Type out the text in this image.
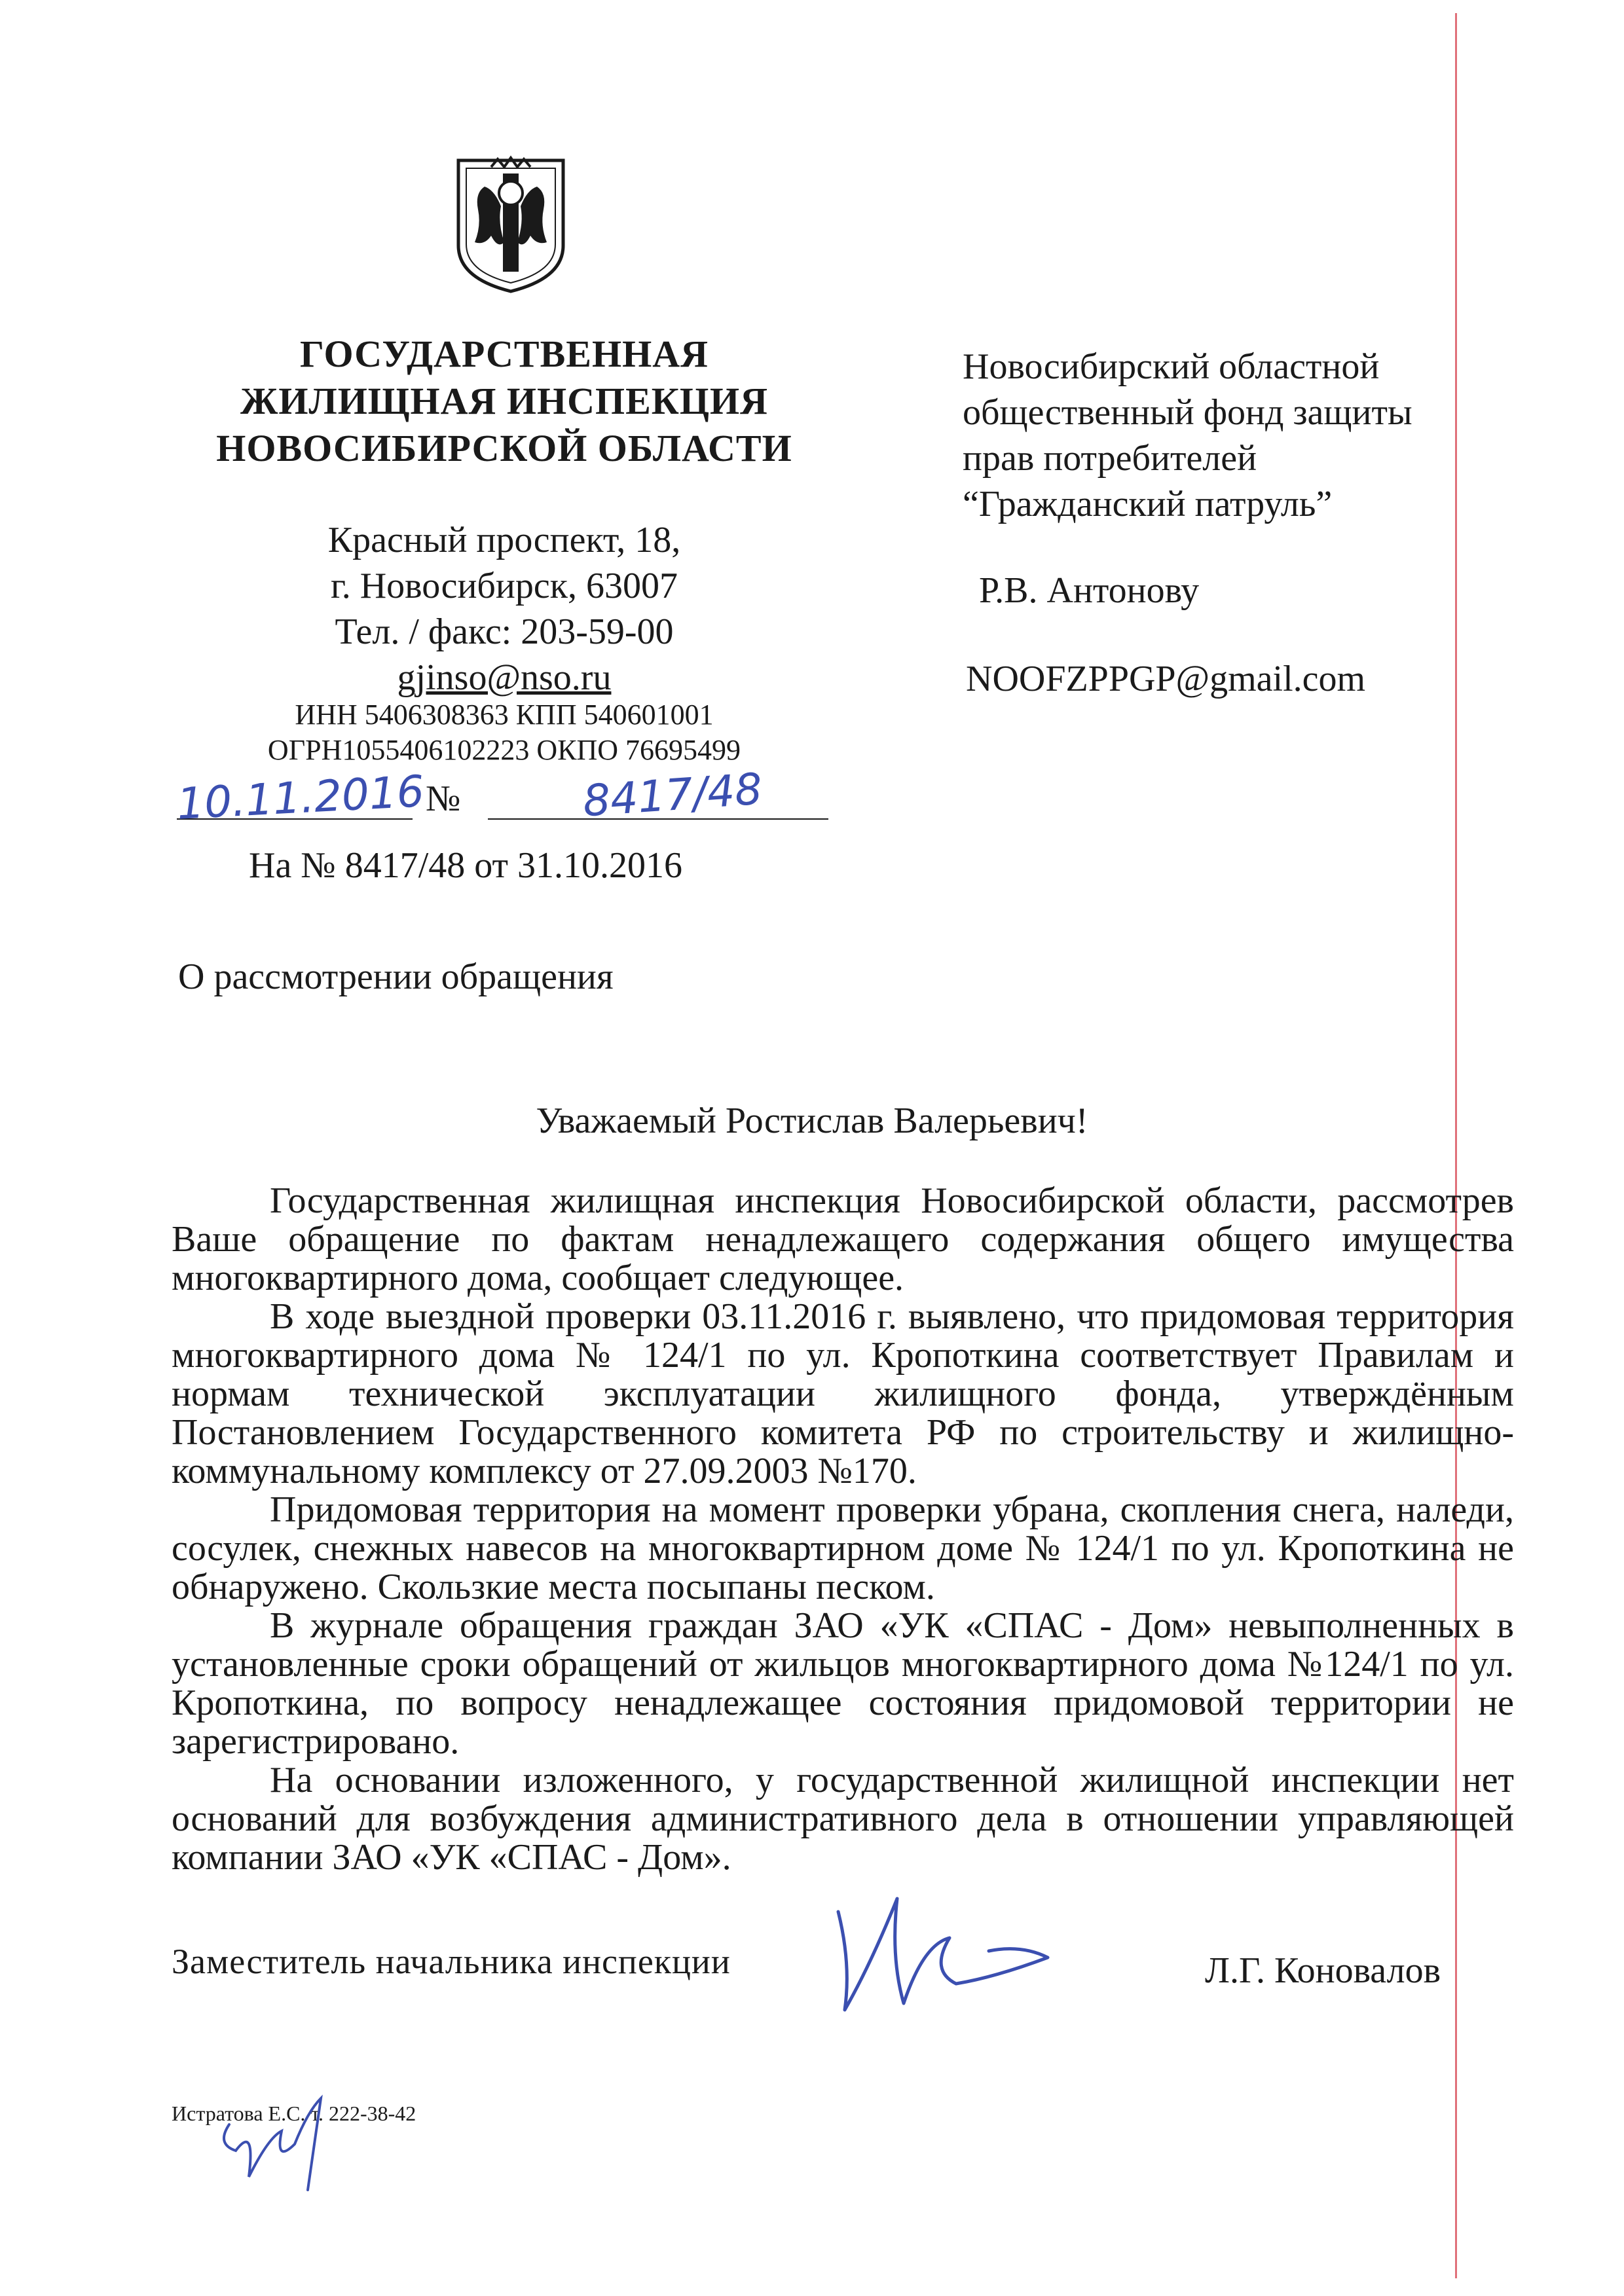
ГОСУДАРСТВЕННАЯ
ЖИЛИЩНАЯ ИНСПЕКЦИЯ
НОВОСИБИРСКОЙ ОБЛАСТИ
Красный проспект, 18,
г. Новосибирск, 63007
Тел. / факс: 203-59-00
gjinso@nso.ru
ИНН 5406308363 КПП 540601001
ОГРН1055406102223 ОКПО 76695499
10.11.2016 №	8417/48
На № 8417/48 от 31.10.2016
Новосибирский областной
общественный фонд защиты
прав потребителей
“Гражданский патруль”
Р.В. Антонову
NOOFZPPGP@gmail.com
О рассмотрении обращения
Уважаемый Ростислав Валерьевич!

Государственная жилищная инспекция Новосибирской области, рассмотрев Ваше обращение по фактам ненадлежащего содержания общего имущества многоквартирного дома, сообщает следующее.

В ходе выездной проверки 03.11.2016 г. выявлено, что придомовая территория многоквартирного дома № 124/1 по ул. Кропоткина соответствует Правилам и нормам технической эксплуатации жилищного фонда, утверждённым Постановлением Государственного комитета РФ по строительству и жилищно-коммунальному комплексу от 27.09.2003 №170.

Придомовая территория на момент проверки убрана, скопления снега, наледи, сосулек, снежных навесов на многоквартирном доме № 124/1 по ул. Кропоткина не обнаружено. Скользкие места посыпаны песком.

В журнале обращения граждан ЗАО «УК «СПАС - Дом» невыполненных в установленные сроки обращений от жильцов многоквартирного дома №124/1 по ул. Кропоткина, по вопросу ненадлежащее состояния придомовой территории не зарегистрировано.

На основании изложенного, у государственной жилищной инспекции нет оснований для возбуждения административного дела в отношении управляющей компании ЗАО «УК «СПАС - Дом».

Заместитель начальника инспекции	Л.Г. Коновалов
Истратова Е.С. т. 222-38-42
